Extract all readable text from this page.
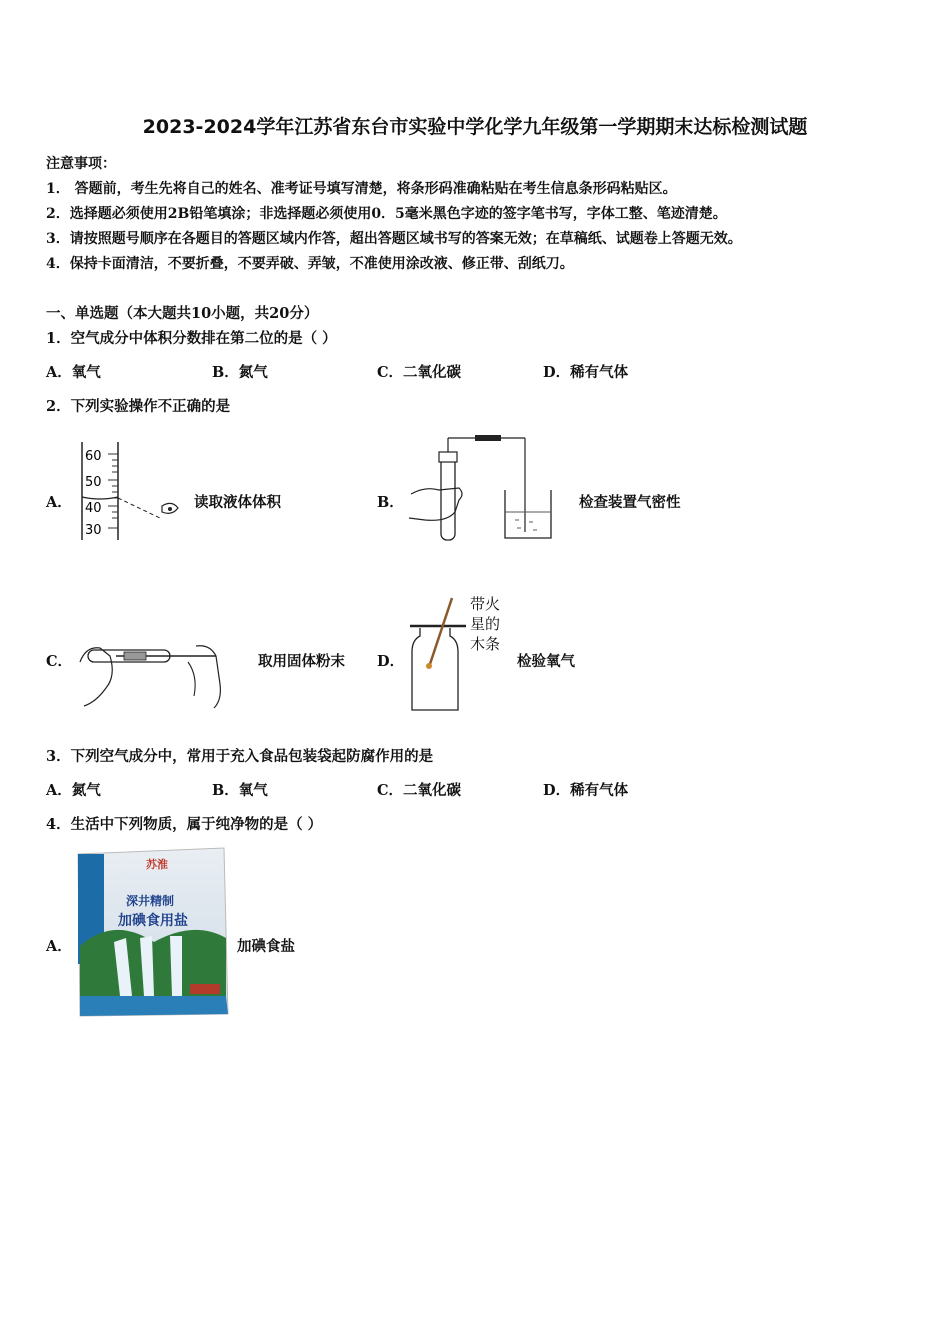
2023-2024学年江苏省东台市实验中学化学九年级第一学期期末达标检测试题
注意事项：
1． 答题前，考生先将自己的姓名、准考证号填写清楚，将条形码准确粘贴在考生信息条形码粘贴区。
2．选择题必须使用2B铅笔填涂；非选择题必须使用0．5毫米黑色字迹的签字笔书写，字体工整、笔迹清楚。
3．请按照题号顺序在各题目的答题区域内作答，超出答题区域书写的答案无效；在草稿纸、试题卷上答题无效。
4．保持卡面清洁，不要折叠，不要弄破、弄皱，不准使用涂改液、修正带、刮纸刀。
一、单选题（本大题共10小题，共20分）
1．空气成分中体积分数排在第二位的是（ ）
A．氧气	B．氮气	C．二氧化碳	D．稀有气体
2．下列实验操作不正确的是
A．
60
50
40
30
读取液体体积	B．	检查装置气密性
C．	取用固体粉末 D．
带火
星的
木条
检验氧气
3．下列空气成分中，常用于充入食品包装袋起防腐作用的是
A．氮气	B．氧气	C．二氧化碳	D．稀有气体
4．生活中下列物质，属于纯净物的是（ ）
A．
苏淮
深井精制
加碘食用盐
加碘食盐
